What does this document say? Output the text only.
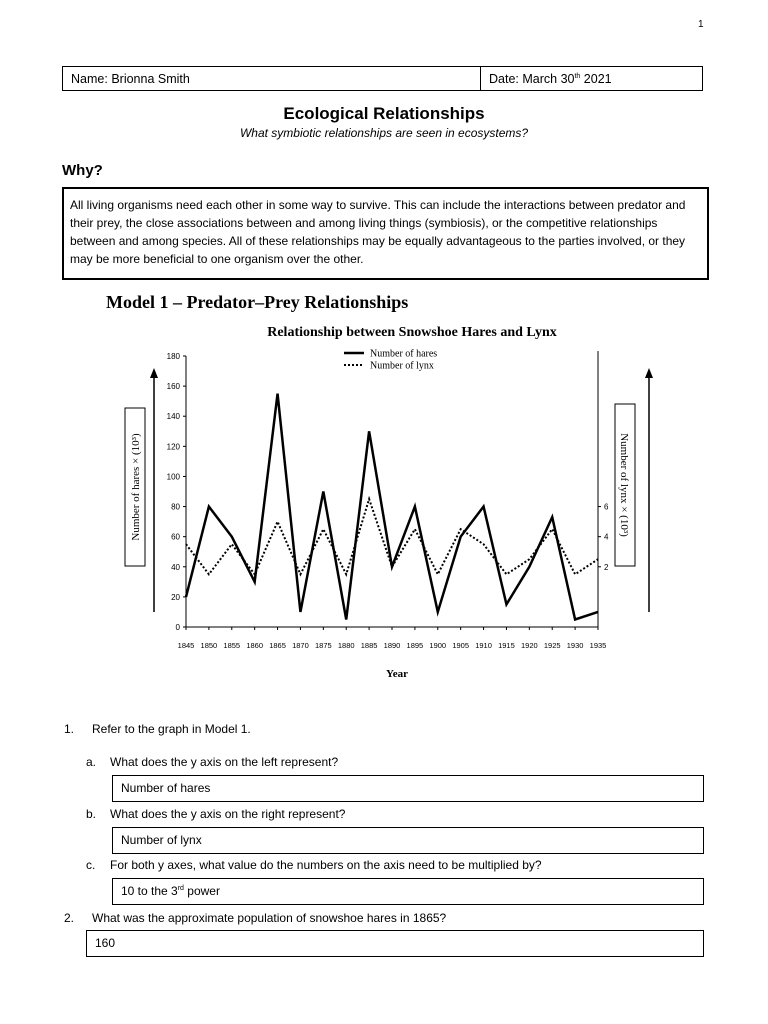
1
Name: Brionna Smith	Date: March 30th 2021
Ecological Relationships
What symbiotic relationships are seen in ecosystems?
Why?
All living organisms need each other in some way to survive. This can include the interactions between predator and their prey, the close associations between and among living things (symbiosis), or the competitive relationships between and among species. All of these relationships may be equally advantageous to the parties involved, or they may be more beneficial to one organism over the other.
Model 1 – Predator–Prey Relationships
Relationship between Snowshoe Hares and Lynx
0
20
40
60
80
100
120
140
160
180
2
4
6
1845 1850 1855 1860 1865 1870 1875 1880 1885 1890 1895 1900 1905 1910 1915 1920 1925 1930 1935
Year
Number of hares × (10³)	Number of lynx × (10³)
Number of hares
Number of lynx
1. Refer to the graph in Model 1.
a. What does the y axis on the left represent?
Number of hares
b. What does the y axis on the right represent?
Number of lynx
c. For both y axes, what value do the numbers on the axis need to be multiplied by?
10 to the 3rd power
2. What was the approximate population of snowshoe hares in 1865?
160
